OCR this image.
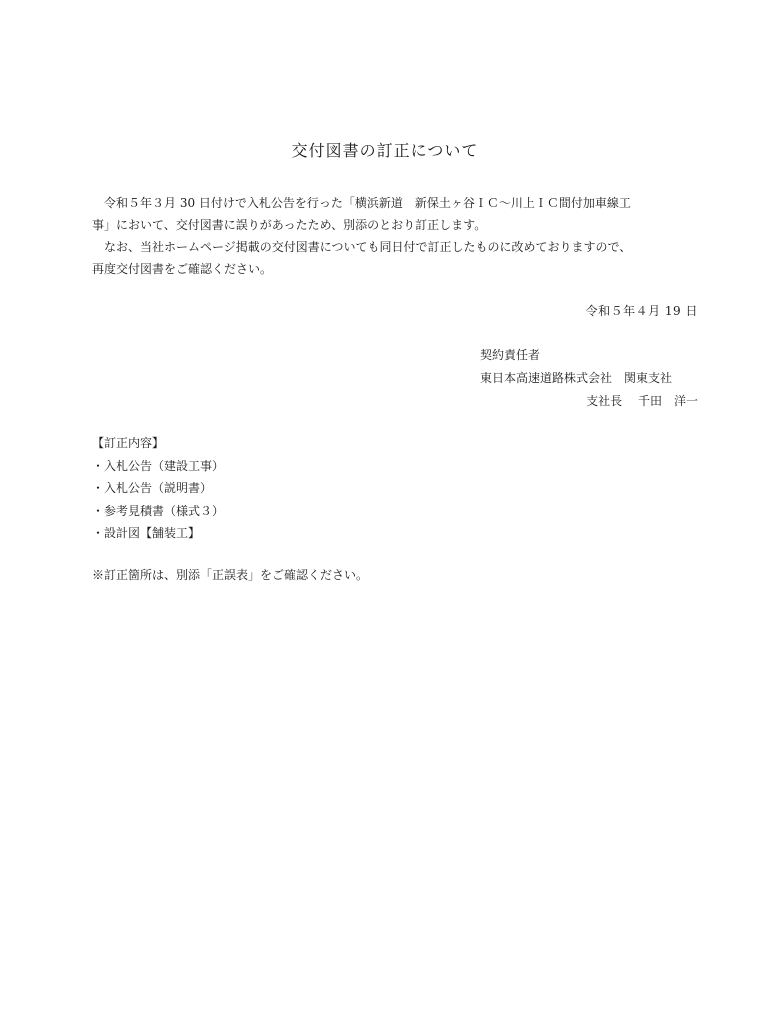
交付図書の訂正について

令和５年３月 30 日付けで入札公告を行った「横浜新道　新保土ヶ谷ＩＣ～川上ＩＣ間付加車線工

事」において、交付図書に誤りがあったため、別添のとおり訂正します。

なお、当社ホームページ掲載の交付図書についても同日付で訂正したものに改めておりますので、

再度交付図書をご確認ください。

令和５年４月 19 日
契約責任者
東日本高速道路株式会社　関東支社
支社長　 千田　洋一
【訂正内容】
・入札公告（建設工事）
・入札公告（説明書）
・参考見積書（様式３）
・設計図【舗装工】
※訂正箇所は、別添「正誤表」をご確認ください。
